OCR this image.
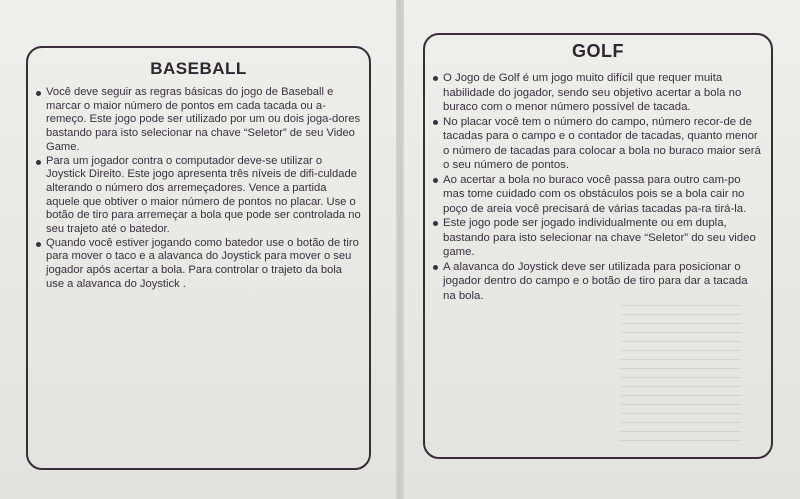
BASEBALL

Você deve seguir as regras básicas do jogo de Baseball e marcar o maior número de pontos em cada tacada ou a-remeço. Este jogo pode ser utilizado por um ou dois joga-dores bastando para isto selecionar na chave “Seletor” de seu Video Game.

Para um jogador contra o computador deve-se utilizar o Joystick Direito. Este jogo apresenta três níveis de difi-culdade alterando o número dos arremeçadores. Vence a partida aquele que obtiver o maior número de pontos no placar. Use o botão de tiro para arremeçar a bola que pode ser controlada no seu trajeto até o batedor.

Quando você estiver jogando como batedor use o botão de tiro para mover o taco e a alavanca do Joystick para mover o seu jogador após acertar a bola. Para controlar o trajeto da bola use a alavanca do Joystick .

GOLF

O Jogo de Golf é um jogo muito difícil que requer muita habilidade do jogador, sendo seu objetivo acertar a bola no buraco com o menor número possível de tacada.

No placar você tem o número do campo, número recor-de de tacadas para o campo e o contador de tacadas, quanto menor o número de tacadas para colocar a bola no buraco maior será o seu número de pontos.

Ao acertar a bola no buraco você passa para outro cam-po mas tome cuidado com os obstáculos pois se a bola cair no poço de areia você precisará de várias tacadas pa-ra tirá-la.

Este jogo pode ser jogado individualmente ou em dupla, bastando para isto selecionar na chave “Seletor” do seu video game.

A alavanca do Joystick deve ser utilizada para posicionar o jogador dentro do campo e o botão de tiro para dar a tacada na bola.
